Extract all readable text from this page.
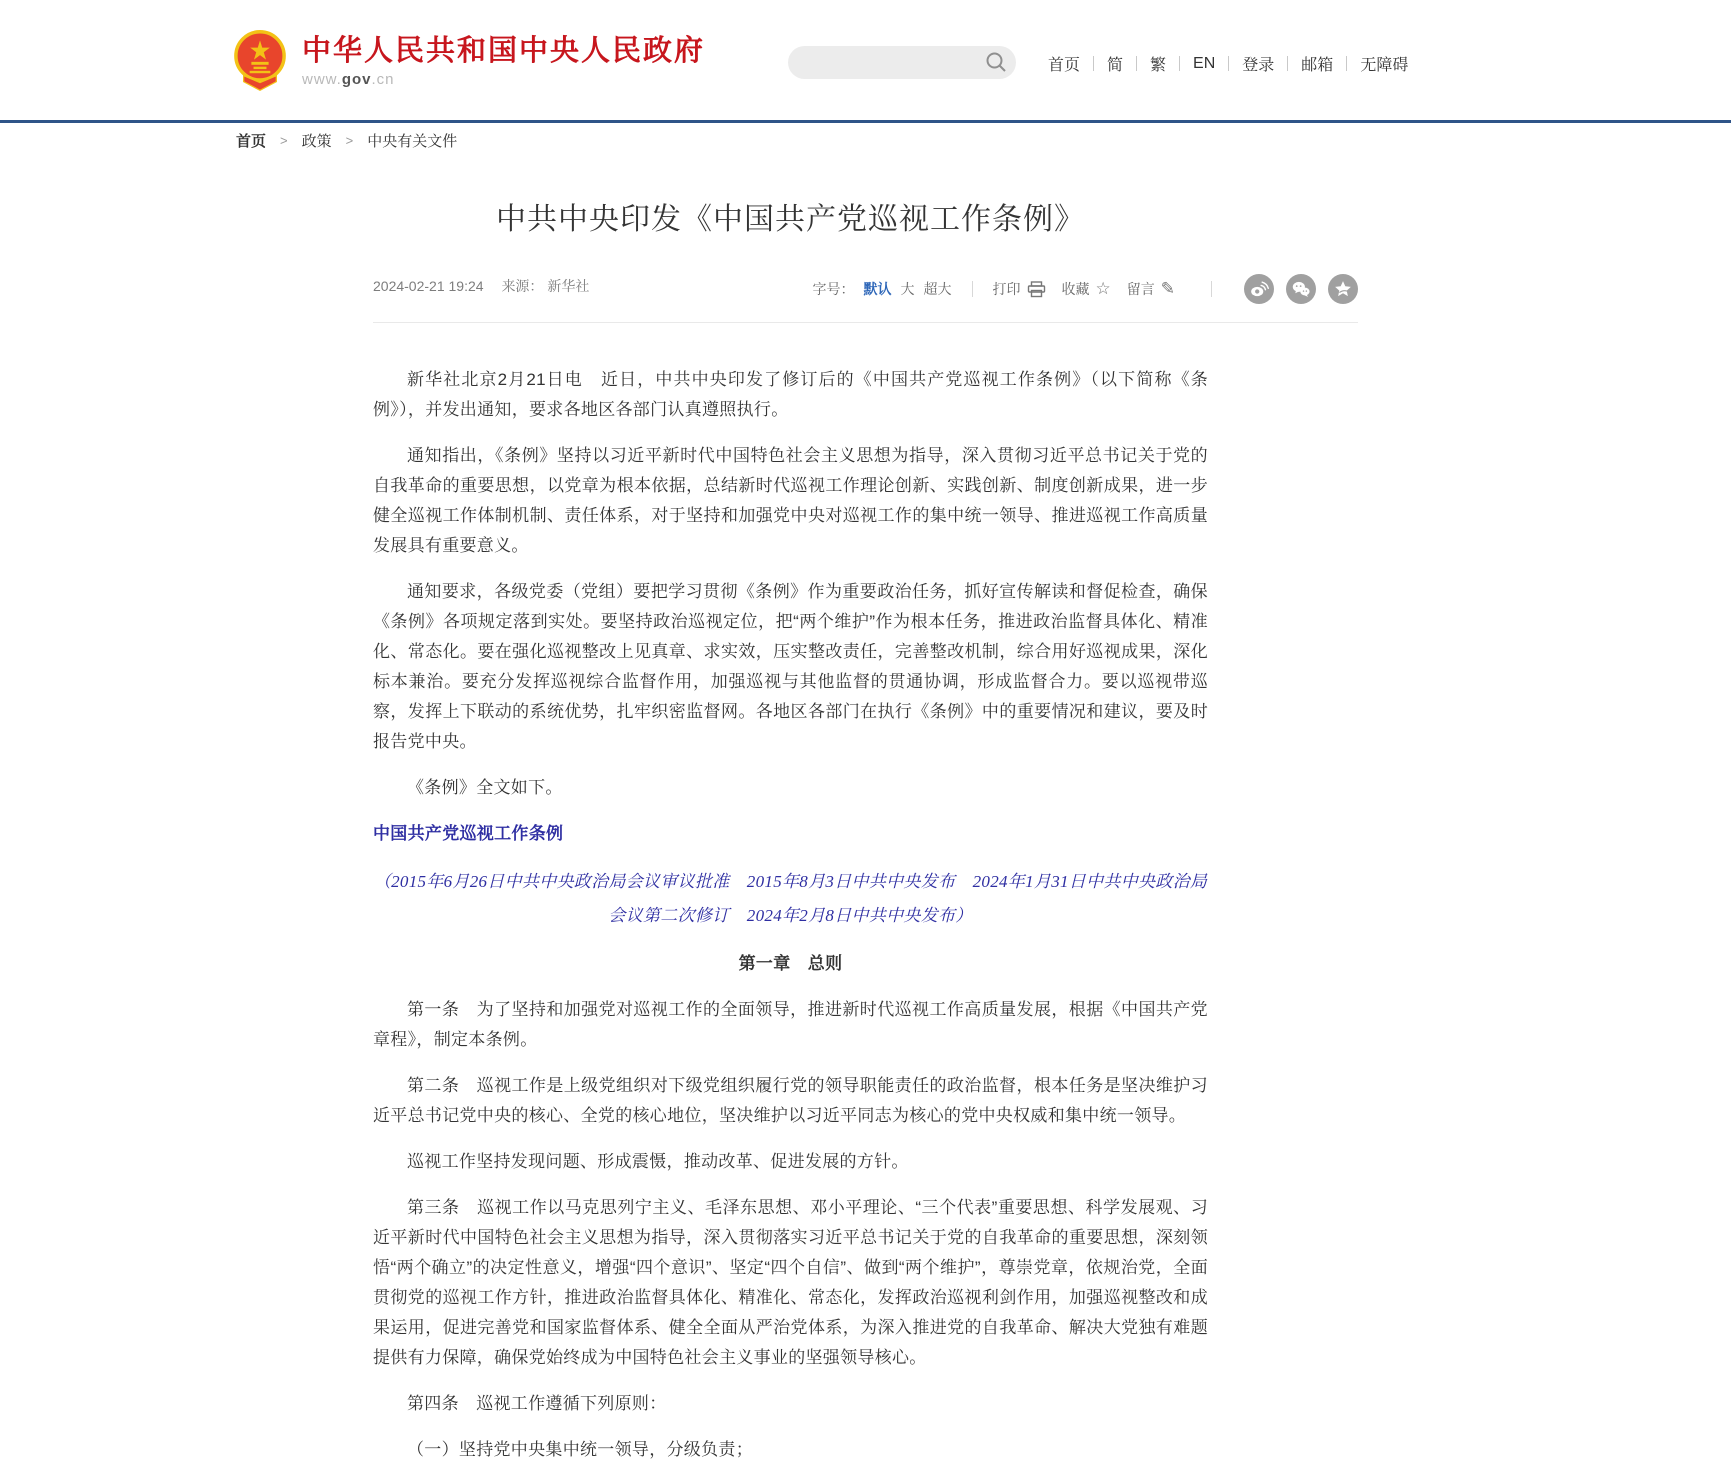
中华人民共和国中央人民政府
www.gov.cn
首页	简	繁	EN	登录	邮箱	无障碍
首页 > 政策 > 中央有关文件
中共中央印发《中国共产党巡视工作条例》
2024-02-21 19:24 来源： 新华社	字号： 默认 大 超大	打印	收藏 ☆ 留言 ✎

新华社北京2月21日电　近日，中共中央印发了修订后的《中国共产党巡视工作条例》（以下简称《条例》），并发出通知，要求各地区各部门认真遵照执行。

通知指出，《条例》坚持以习近平新时代中国特色社会主义思想为指导，深入贯彻习近平总书记关于党的自我革命的重要思想，以党章为根本依据，总结新时代巡视工作理论创新、实践创新、制度创新成果，进一步健全巡视工作体制机制、责任体系，对于坚持和加强党中央对巡视工作的集中统一领导、推进巡视工作高质量发展具有重要意义。

通知要求，各级党委（党组）要把学习贯彻《条例》作为重要政治任务，抓好宣传解读和督促检查，确保《条例》各项规定落到实处。要坚持政治巡视定位，把“两个维护”作为根本任务，推进政治监督具体化、精准化、常态化。要在强化巡视整改上见真章、求实效，压实整改责任，完善整改机制，综合用好巡视成果，深化标本兼治。要充分发挥巡视综合监督作用，加强巡视与其他监督的贯通协调，形成监督合力。要以巡视带巡察，发挥上下联动的系统优势，扎牢织密监督网。各地区各部门在执行《条例》中的重要情况和建议，要及时报告党中央。

《条例》全文如下。

中国共产党巡视工作条例

（2015年6月26日中共中央政治局会议审议批准　2015年8月3日中共中央发布　2024年1月31日中共中央政治局会议第二次修订　2024年2月8日中共中央发布）

第一章　总则

第一条　为了坚持和加强党对巡视工作的全面领导，推进新时代巡视工作高质量发展，根据《中国共产党章程》，制定本条例。

第二条　巡视工作是上级党组织对下级党组织履行党的领导职能责任的政治监督，根本任务是坚决维护习近平总书记党中央的核心、全党的核心地位，坚决维护以习近平同志为核心的党中央权威和集中统一领导。

巡视工作坚持发现问题、形成震慑，推动改革、促进发展的方针。

第三条　巡视工作以马克思列宁主义、毛泽东思想、邓小平理论、“三个代表”重要思想、科学发展观、习近平新时代中国特色社会主义思想为指导，深入贯彻落实习近平总书记关于党的自我革命的重要思想，深刻领悟“两个确立”的决定性意义，增强“四个意识”、坚定“四个自信”、做到“两个维护”，尊崇党章，依规治党，全面贯彻党的巡视工作方针，推进政治监督具体化、精准化、常态化，发挥政治巡视利剑作用，加强巡视整改和成果运用，促进完善党和国家监督体系、健全全面从严治党体系，为深入推进党的自我革命、解决大党独有难题提供有力保障，确保党始终成为中国特色社会主义事业的坚强领导核心。

第四条　巡视工作遵循下列原则：

（一）坚持党中央集中统一领导，分级负责；
